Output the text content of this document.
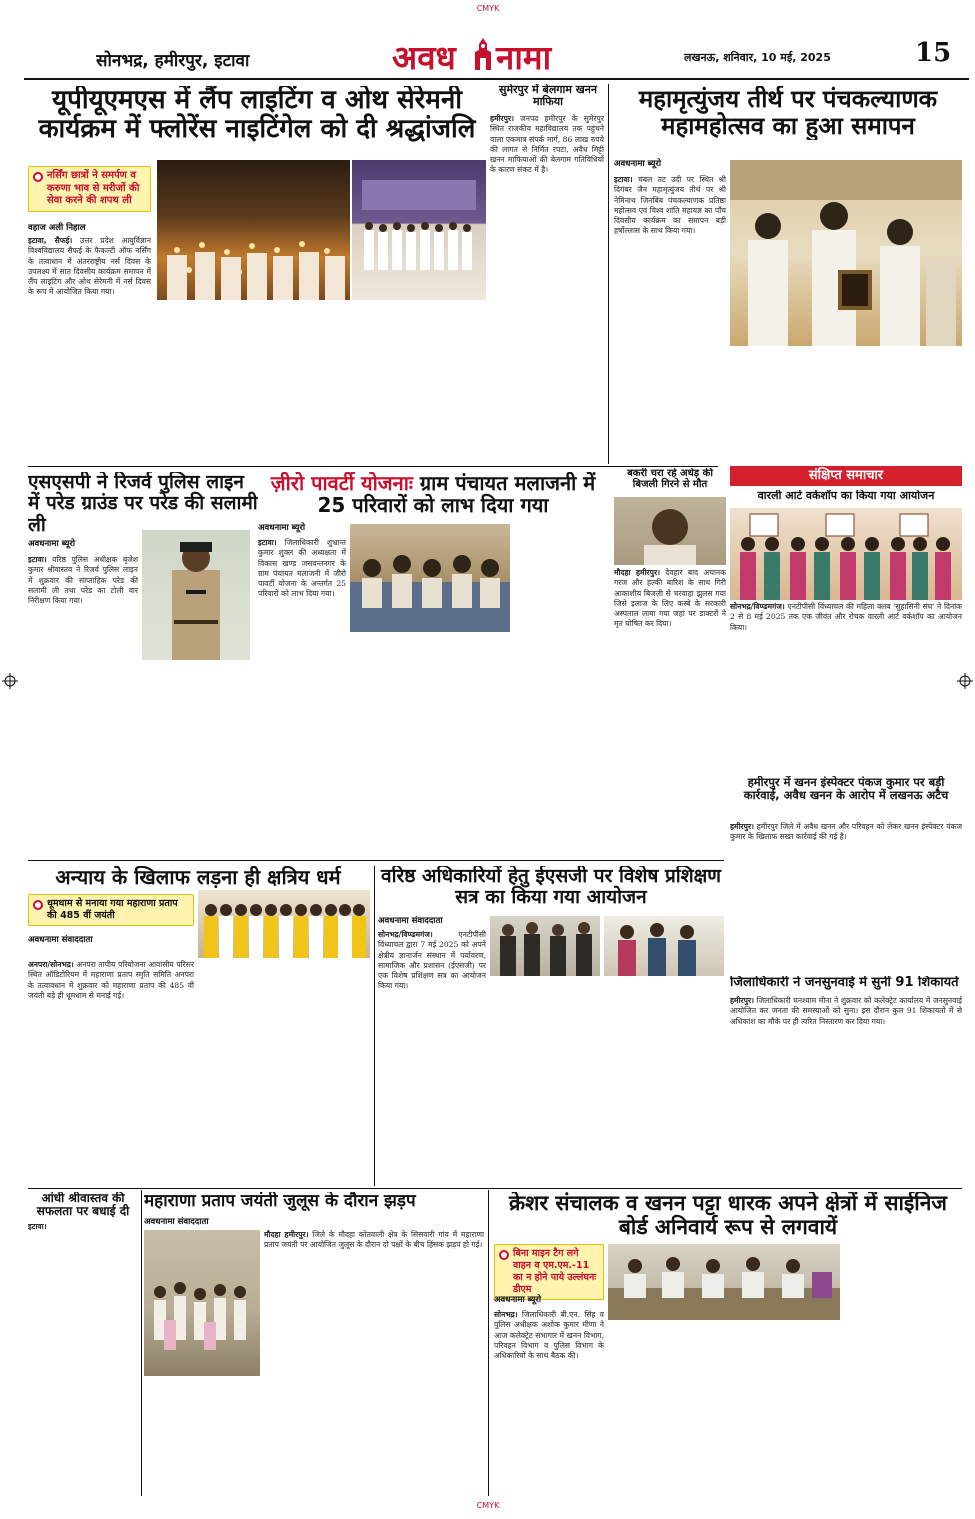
CMYK
सोनभद्र, हमीरपुर, इटावा	अवध नामा	लखनऊ, शनिवार, 10 मई, 2025	15
यूपीयूएमएस में लैंप लाइटिंग व ओथ सेरेमनी कार्यक्रम में फ्लोरेंस नाइटिंगेल को दी श्रद्धांजलि
नर्सिंग छात्रों ने समर्पण व करुणा भाव से मरीजों की सेवा करने की शपथ ली
वहाज अली निहाल
इटावा, सैफई। उत्तर प्रदेश आयुर्विज्ञान विश्वविद्यालय सैफई के फैकल्टी ऑफ नर्सिंग के तत्वाधान में अंतरराष्ट्रीय नर्स दिवस के उपलक्ष्य में सात दिवसीय कार्यक्रम समापन में लैंप लाइटिंग और ओथ सेरेमनी में नर्स दिवस के रूप में आयोजित किया गया।
सुमेरपुर में बेलगाम खनन माफिया
हमीरपुर। जनपद हमीरपुर के सुमेरपुर स्थित राजकीय महाविद्यालय तक पहुंचने वाला एकमात्र संपर्क मार्ग, 86 लाख रुपये की लागत से निर्मित रपटा, अवैध मिट्टी खनन माफियाओं की बेलगाम गतिविधियों के कारण संकट में है।
महामृत्युंजय तीर्थ पर पंचकल्याणक महामहोत्सव का हुआ समापन
अवधनामा ब्यूरो
इटावा। चंबल तट उदी पर स्थित श्री दिगंबर जैन महामृत्युंजय तीर्थ पर श्री नेमिनाथ जिनबिंब पंचकल्याणक प्रतिष्ठा महोत्सव एवं विश्व शांति महायज्ञ का पाँच दिवसीय कार्यक्रम का समापन बड़ी हर्षोल्लास के साथ किया गया।
एसएसपी ने रिजर्व पुलिस लाइन में परेड ग्राउंड पर परेड की सलामी ली
अवधनामा ब्यूरो
इटावा। वरिष्ठ पुलिस अधीक्षक बृजेश कुमार श्रीवास्तव ने रिजर्व पुलिस लाइन में शुक्रवार की साप्ताहिक परेड की सलामी ली तथा परेड का टोली वार निरीक्षण किया गया।
ज़ीरो पावर्टी योजनाः ग्राम पंचायत मलाजनी में 25 परिवारों को लाभ दिया गया
अवधनामा ब्यूरो
इटावा। जिलाधिकारी शुभ्रान्त कुमार शुक्ल की अध्यक्षता में विकास खण्ड जसवन्तनगर के ग्राम पंचायत मलाजनी में जीरो पावर्टी योजना के अन्तर्गत 25 परिवारों को लाभ दिया गया।
बकरी चरा रहे अधेड़ की बिजली गिरने से मौत
मौदहा हमीरपुर। देवहार बाद अचानक गरज और हल्की बारिश के साथ गिरी आकाशीय बिजली से चरवाहा झुलस गया जिसे इलाज के लिए कस्बे के सरकारी अस्पताल लाया गया जहां पर डाक्टरों ने मृत घोषित कर दिया।
संक्षिप्त समाचार
वारली आर्ट वर्कशॉप का किया गया आयोजन
सोनभद्र/विण्ढमगंज। एनटीपीसी विंध्याचल की महिला क्लब 'सुहासिनी संघ' ने दिनांक 2 से 8 मई 2025 तक एक जीवंत और रोचक वारली आर्ट वर्कशॉप का आयोजन किया।
हमीरपुर में खनन इंस्पेक्टर पंकज कुमार पर बड़ी कार्रवाई, अवैध खनन के आरोप में लखनऊ अटैच
हमीरपुर। हमीरपुर जिले में अवैध खनन और परिवहन को लेकर खनन इंस्पेक्टर पंकज कुमार के खिलाफ सख्त कार्रवाई की गई है।
जिलाधिकारी ने जनसुनवाई में सुनीं 91 शिकायतें
हमीरपुर। जिलाधिकारी घनश्याम मीना ने शुक्रवार को कलेक्ट्रेट कार्यालय में जनसुनवाई आयोजित कर जनता की समस्याओं को सुना। इस दौरान कुल 91 शिकायतों में से अधिकांश का मौके पर ही त्वरित निस्तारण कर दिया गया।
अन्याय के खिलाफ लड़ना ही क्षत्रिय धर्म
धूमधाम से मनाया गया महाराणा प्रताप की 485 वीं जयंती
अवधनामा संवाददाता
अनपरा/सोनभद्र। अनपरा तापीय परियोजना आवासीय परिसर स्थित ऑडिटोरियम में महाराणा प्रताप स्मृति समिति अनपरा के तत्वावधान में शुक्रवार को महाराणा प्रताप की 485 वीं जयंती बड़े ही धूमधाम से मनाई गई।
वरिष्ठ अधिकारियों हेतु ईएसजी पर विशेष प्रशिक्षण सत्र का किया गया आयोजन
अवधनामा संवाददाता
सोनभद्र/विण्ढमगंज।	एनटीपीसी विंध्याचल द्वारा 7 मई 2025 को अपने क्षेत्रीय ज्ञानार्जन संस्थान में पर्यावरण, सामाजिक और प्रशासन (ईएसजी) पर एक विशेष प्रशिक्षण सत्र का आयोजन किया गया।
आंधी श्रीवास्तव की सफलता पर बधाई दी
इटावा।
महाराणा प्रताप जयंती जुलूस के दौरान झड़प
अवधनामा संवाददाता
मौदहा हमीरपुर। जिले के मौदहा कोतवाली क्षेत्र के सिसवारी गांव में महाराणा प्रताप जयंती पर आयोजित जुलूस के दौरान दो पक्षों के बीच हिंसक झड़प हो गई।
क्रेशर संचालक व खनन पट्टा धारक अपने क्षेत्रों में साईनिज बोर्ड अनिवार्य रूप से लगवायें
बिना माइन टैग लगे वाहन व एम.एम.-11 का न होने पाये उल्लंघनः डीएम
अवधनामा ब्यूरो
सोनभद्र। जिलाधिकारी बी.एन. सिंह व पुलिस अधीक्षक अशोक कुमार मीणा ने आज कलेक्ट्रेट सभागार में खनन विभाग, परिवहन विभाग व पुलिस विभाग के अधिकारियों के साथ बैठक की।
CMYK
